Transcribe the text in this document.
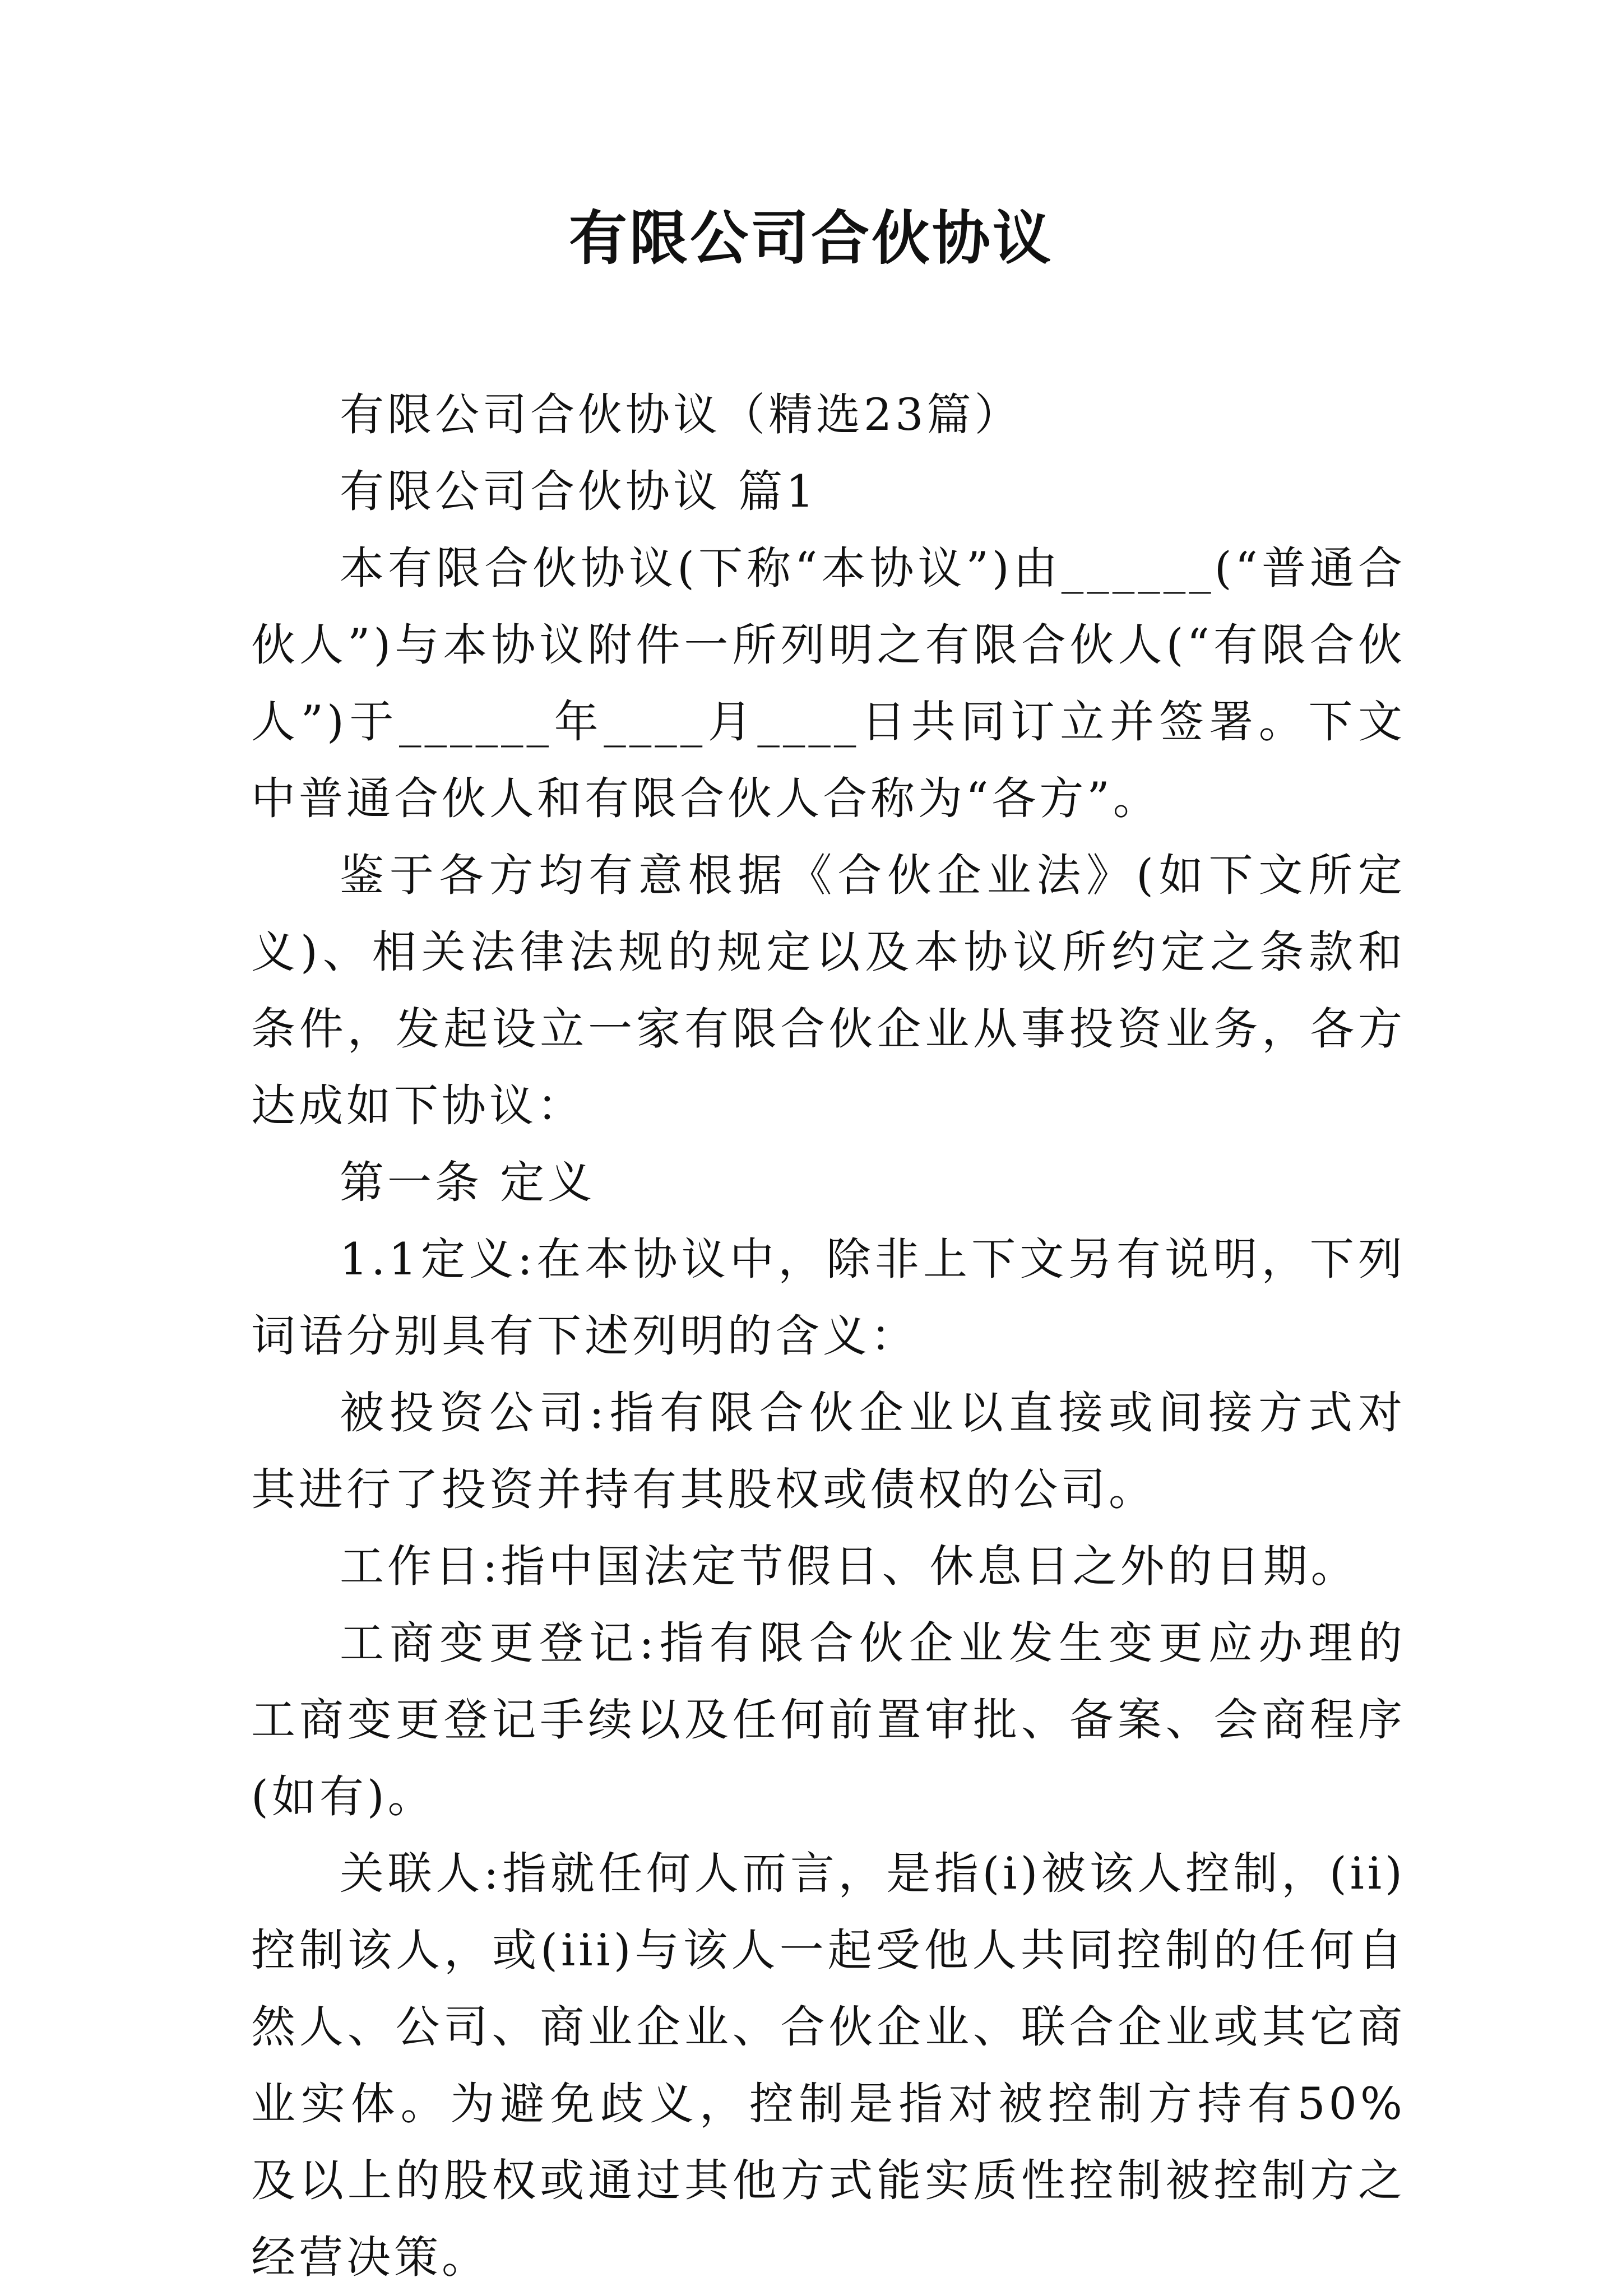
有限公司合伙协议

有限公司合伙协议（精选23篇）

有限公司合伙协议 篇1

本有限合伙协议(下称“本协议”)由______(“普通合伙人”)与本协议附件一所列明之有限合伙人(“有限合伙人”)于______年____月____日共同订立并签署。下文中普通合伙人和有限合伙人合称为“各方”。

鉴于各方均有意根据《合伙企业法》(如下文所定义)、相关法律法规的规定以及本协议所约定之条款和条件，发起设立一家有限合伙企业从事投资业务，各方达成如下协议：

第一条 定义

1.1定义:在本协议中，除非上下文另有说明，下列词语分别具有下述列明的含义：

被投资公司:指有限合伙企业以直接或间接方式对其进行了投资并持有其股权或债权的公司。

工作日:指中国法定节假日、休息日之外的日期。

工商变更登记:指有限合伙企业发生变更应办理的工商变更登记手续以及任何前置审批、备案、会商程序(如有)。

关联人:指就任何人而言，是指(i)被该人控制，(ii)控制该人，或(iii)与该人一起受他人共同控制的任何自然人、公司、商业企业、合伙企业、联合企业或其它商业实体。为避免歧义，控制是指对被控制方持有50%及以上的股权或通过其他方式能实质性控制被控制方之经营决策。
